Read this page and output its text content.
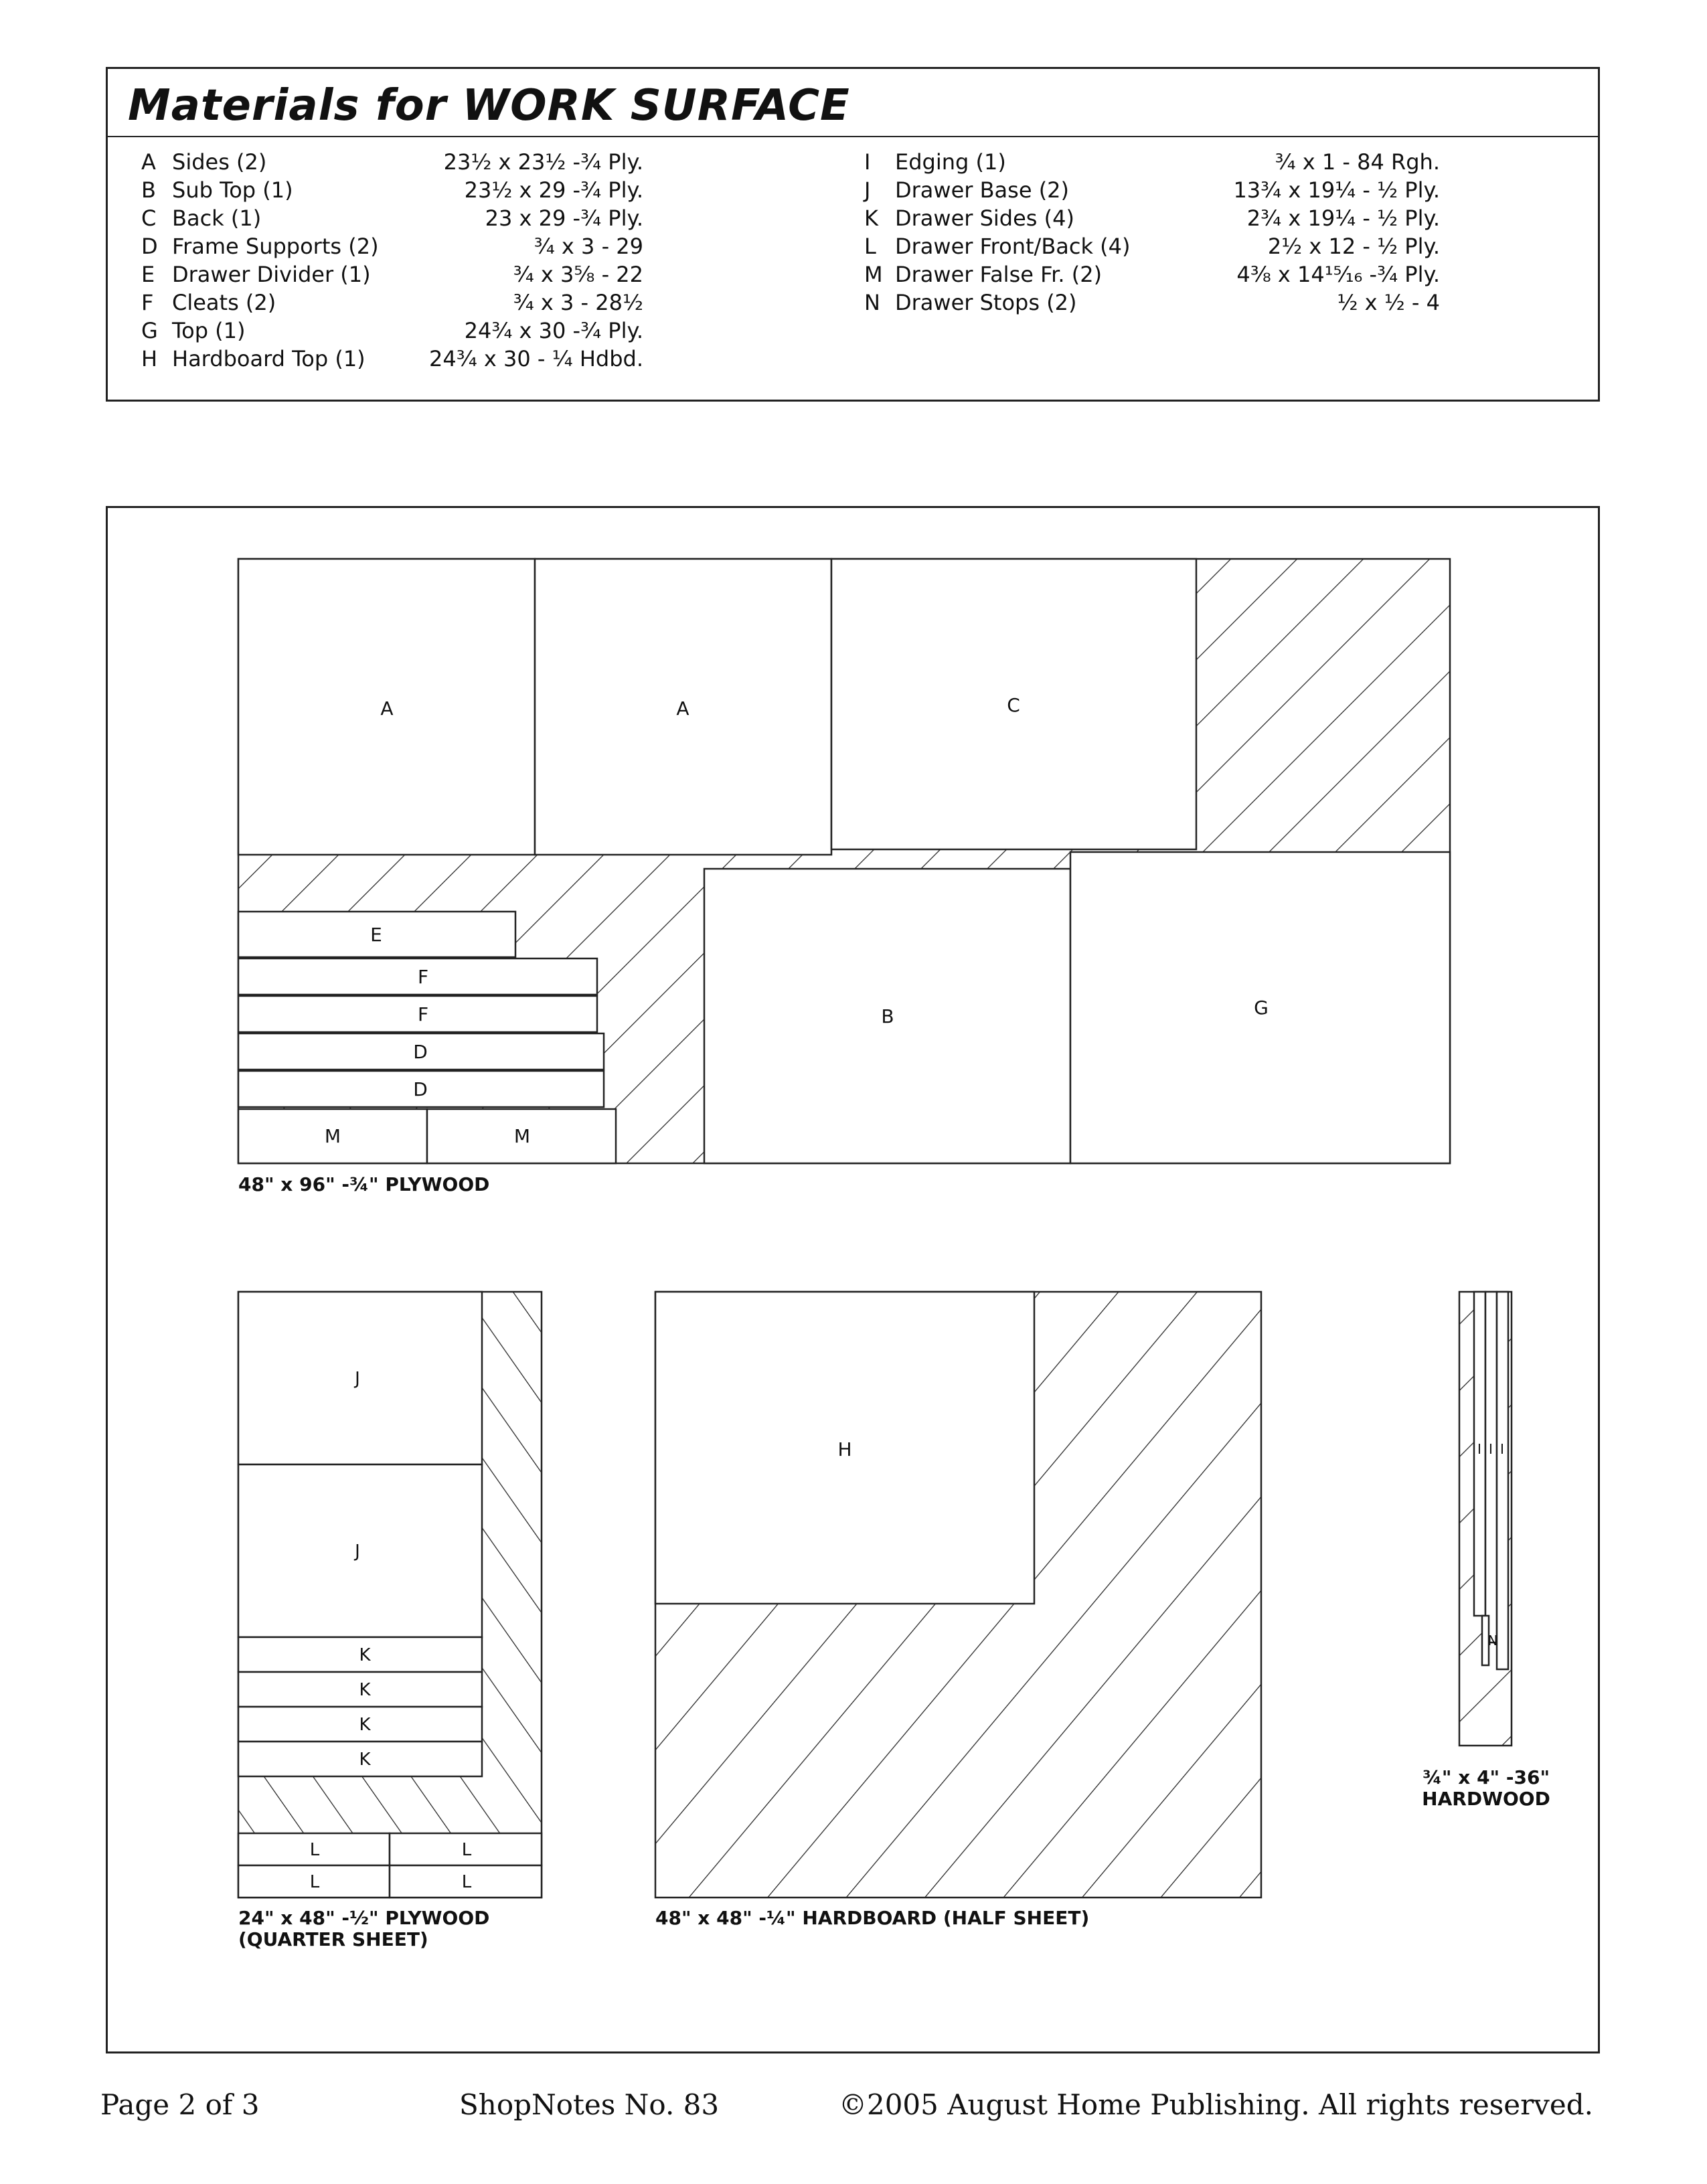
Materials for WORK SURFACE
A Sides (2)	23½ x 23½ -¾ Ply.
B Sub Top (1)	23½ x 29 -¾ Ply.
C Back (1)	23 x 29 -¾ Ply.
D Frame Supports (2)	¾ x 3 - 29
E Drawer Divider (1)	¾ x 3⅝ - 22
F Cleats (2)	¾ x 3 - 28½
G Top (1)	24¾ x 30 -¾ Ply.
H Hardboard Top (1)	24¾ x 30 - ¼ Hdbd.
I Edging (1)	¾ x 1 - 84 Rgh.
J Drawer Base (2)	13¾ x 19¼ - ½ Ply.
K Drawer Sides (4)	2¾ x 19¼ - ½ Ply.
L Drawer Front/Back (4)	2½ x 12 - ½ Ply.
M Drawer False Fr. (2)	4⅜ x 14¹⁵⁄₁₆ -¾ Ply.
N Drawer Stops (2)	½ x ½ - 4
A	A	C
E
F
F
D
D
M	M
B	G
48" x 96" -¾" PLYWOOD
J
J
K
K
K
K
L	L
L	L
24" x 48" -½" PLYWOOD
(QUARTER SHEET)
H
48" x 48" -¼" HARDBOARD (HALF SHEET)
I I I
N
¾" x 4" -36"
HARDWOOD
Page 2 of 3	ShopNotes No. 83	©2005 August Home Publishing. All rights reserved.
